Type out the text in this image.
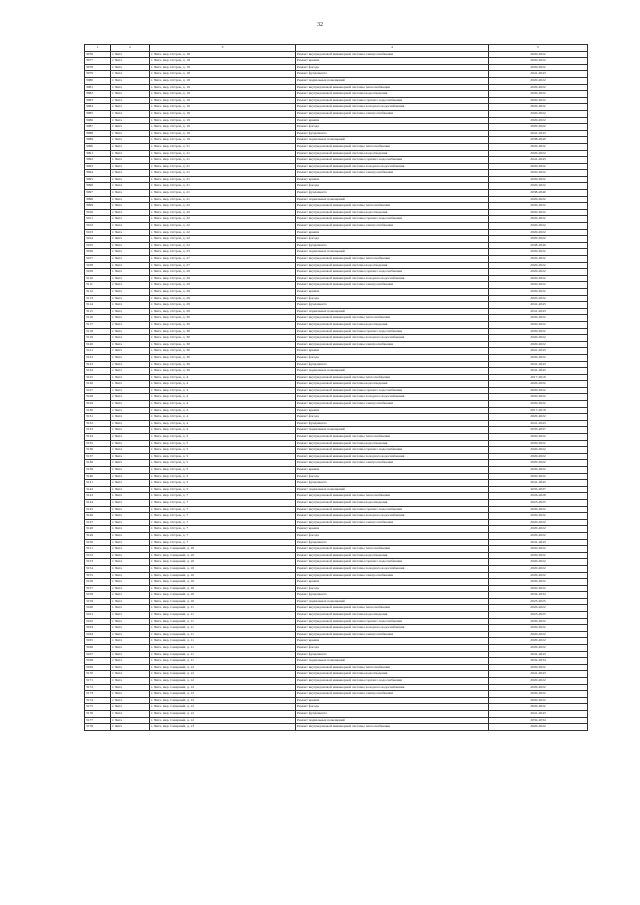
32
1	2	3	4	5
3076	г. Чита	г. Чита, мкр. Остров, д. 18	Ремонт внутридомовой инженерной системы электроснабжения	2020-2022
3077	г. Чита	г. Чита, мкр. Остров, д. 18	Ремонт крыши	2020-2022
3078	г. Чита	г. Чита, мкр. Остров, д. 18	Ремонт фасада	2020-2022
3079	г. Чита	г. Чита, мкр. Остров, д. 18	Ремонт фундамента	2041-2043
3080	г. Чита	г. Чита, мкр. Остров, д. 18	Ремонт подвальных помещений	2020-2022
3081	г. Чита	г. Чита, мкр. Остров, д. 19	Ремонт внутридомовой инженерной системы теплоснабжения	2020-2022
3082	г. Чита	г. Чита, мкр. Остров, д. 19	Ремонт внутридомовой инженерной системы водоотведения	2020-2022
3083	г. Чита	г. Чита, мкр. Остров, д. 19	Ремонт внутридомовой инженерной системы горячего водоснабжения	2020-2022
3084	г. Чита	г. Чита, мкр. Остров, д. 19	Ремонт внутридомовой инженерной системы холодного водоснабжения	2020-2022
3085	г. Чита	г. Чита, мкр. Остров, д. 19	Ремонт внутридомовой инженерной системы электроснабжения	2020-2022
3086	г. Чита	г. Чита, мкр. Остров, д. 19	Ремонт крыши	2020-2022
3087	г. Чита	г. Чита, мкр. Остров, д. 19	Ремонт фасада	2020-2022
3088	г. Чита	г. Чита, мкр. Остров, д. 19	Ремонт фундамента	2041-2043
3089	г. Чита	г. Чита, мкр. Остров, д. 19	Ремонт подвальных помещений	2038-2040
3090	г. Чита	г. Чита, мкр. Остров, д. 21	Ремонт внутридомовой инженерной системы теплоснабжения	2020-2022
3091	г. Чита	г. Чита, мкр. Остров, д. 21	Ремонт внутридомовой инженерной системы водоотведения	2020-2022
3092	г. Чита	г. Чита, мкр. Остров, д. 21	Ремонт внутридомовой инженерной системы горячего водоснабжения	2041-2043
3093	г. Чита	г. Чита, мкр. Остров, д. 21	Ремонт внутридомовой инженерной системы холодного водоснабжения	2020-2022
3094	г. Чита	г. Чита, мкр. Остров, д. 21	Ремонт внутридомовой инженерной системы электроснабжения	2020-2022
3095	г. Чита	г. Чита, мкр. Остров, д. 21	Ремонт крыши	2020-2022
3096	г. Чита	г. Чита, мкр. Остров, д. 21	Ремонт фасада	2020-2022
3097	г. Чита	г. Чита, мкр. Остров, д. 21	Ремонт фундамента	2038-2040
3098	г. Чита	г. Чита, мкр. Остров, д. 21	Ремонт подвальных помещений	2020-2022
3099	г. Чита	г. Чита, мкр. Остров, д. 22	Ремонт внутридомовой инженерной системы теплоснабжения	2020-2022
3100	г. Чита	г. Чита, мкр. Остров, д. 22	Ремонт внутридомовой инженерной системы водоотведения	2020-2022
3101	г. Чита	г. Чита, мкр. Остров, д. 22	Ремонт внутридомовой инженерной системы горячего водоснабжения	2020-2022
3102	г. Чита	г. Чита, мкр. Остров, д. 22	Ремонт внутридомовой инженерной системы электроснабжения	2020-2022
3103	г. Чита	г. Чита, мкр. Остров, д. 22	Ремонт крыши	2020-2022
3104	г. Чита	г. Чита, мкр. Остров, д. 22	Ремонт фасада	2020-2022
3105	г. Чита	г. Чита, мкр. Остров, д. 22	Ремонт фундамента	2038-2040
3106	г. Чита	г. Чита, мкр. Остров, д. 23	Ремонт подвальных помещений	2020-2022
3107	г. Чита	г. Чита, мкр. Остров, д. 27	Ремонт внутридомовой инженерной системы теплоснабжения	2020-2022
3108	г. Чита	г. Чита, мкр. Остров, д. 27	Ремонт внутридомовой инженерной системы водоотведения	2020-2022
3109	г. Чита	г. Чита, мкр. Остров, д. 29	Ремонт внутридомовой инженерной системы горячего водоснабжения	2020-2022
3110	г. Чита	г. Чита, мкр. Остров, д. 29	Ремонт внутридомовой инженерной системы холодного водоснабжения	2020-2022
3111	г. Чита	г. Чита, мкр. Остров, д. 29	Ремонт внутридомовой инженерной системы электроснабжения	2020-2022
3112	г. Чита	г. Чита, мкр. Остров, д. 29	Ремонт крыши	2020-2022
3113	г. Чита	г. Чита, мкр. Остров, д. 29	Ремонт фасада	2020-2022
3114	г. Чита	г. Чита, мкр. Остров, д. 29	Ремонт фундамента	2041-2043
3115	г. Чита	г. Чита, мкр. Остров, д. 29	Ремонт подвальных помещений	2041-2043
3116	г. Чита	г. Чита, мкр. Остров, д. 30	Ремонт внутридомовой инженерной системы теплоснабжения	2020-2022
3117	г. Чита	г. Чита, мкр. Остров, д. 30	Ремонт внутридомовой инженерной системы водоотведения	2020-2022
3118	г. Чита	г. Чита, мкр. Остров, д. 30	Ремонт внутридомовой инженерной системы горячего водоснабжения	2020-2022
3119	г. Чита	г. Чита, мкр. Остров, д. 30	Ремонт внутридомовой инженерной системы холодного водоснабжения	2020-2022
3120	г. Чита	г. Чита, мкр. Остров, д. 30	Ремонт внутридомовой инженерной системы электроснабжения	2020-2022
3121	г. Чита	г. Чита, мкр. Остров, д. 30	Ремонт крыши	2041-2043
3122	г. Чита	г. Чита, мкр. Остров, д. 30	Ремонт фасада	2020-2022
3123	г. Чита	г. Чита, мкр. Остров, д. 30	Ремонт фундамента	2041-2043
3124	г. Чита	г. Чита, мкр. Остров, д. 30	Ремонт подвальных помещений	2041-2043
3125	г. Чита	г. Чита, мкр. Остров, д. 4	Ремонт внутридомовой инженерной системы теплоснабжения	2017-2019
3126	г. Чита	г. Чита, мкр. Остров, д. 4	Ремонт внутридомовой инженерной системы водоотведения	2020-2022
3127	г. Чита	г. Чита, мкр. Остров, д. 4	Ремонт внутридомовой инженерной системы горячего водоснабжения	2020-2022
3128	г. Чита	г. Чита, мкр. Остров, д. 4	Ремонт внутридомовой инженерной системы холодного водоснабжения	2020-2022
3129	г. Чита	г. Чита, мкр. Остров, д. 4	Ремонт внутридомовой инженерной системы электроснабжения	2020-2022
3130	г. Чита	г. Чита, мкр. Остров, д. 4	Ремонт крыши	2017-2019
3131	г. Чита	г. Чита, мкр. Остров, д. 4	Ремонт фасада	2020-2022
3132	г. Чита	г. Чита, мкр. Остров, д. 4	Ремонт фундамента	2041-2043
3133	г. Чита	г. Чита, мкр. Остров, д. 4	Ремонт подвальных помещений	2035-2037
3134	г. Чита	г. Чита, мкр. Остров, д. 5	Ремонт внутридомовой инженерной системы теплоснабжения	2020-2022
3135	г. Чита	г. Чита, мкр. Остров, д. 5	Ремонт внутридомовой инженерной системы водоотведения	2020-2022
3136	г. Чита	г. Чита, мкр. Остров, д. 5	Ремонт внутридомовой инженерной системы горячего водоснабжения	2020-2022
3137	г. Чита	г. Чита, мкр. Остров, д. 5	Ремонт внутридомовой инженерной системы холодного водоснабжения	2020-2022
3138	г. Чита	г. Чита, мкр. Остров, д. 5	Ремонт внутридомовой инженерной системы электроснабжения	2020-2022
3139	г. Чита	г. Чита, мкр. Остров, д. 5	Ремонт крыши	2020-2022
3140	г. Чита	г. Чита, мкр. Остров, д. 5	Ремонт фасада	2020-2022
3141	г. Чита	г. Чита, мкр. Остров, д. 5	Ремонт фундамента	2041-2043
3142	г. Чита	г. Чита, мкр. Остров, д. 5	Ремонт подвальных помещений	2035-2037
3143	г. Чита	г. Чита, мкр. Остров, д. 7	Ремонт внутридомовой инженерной системы теплоснабжения	2026-2028
3144	г. Чита	г. Чита, мкр. Остров, д. 7	Ремонт внутридомовой инженерной системы водоотведения	2023-2025
3145	г. Чита	г. Чита, мкр. Остров, д. 7	Ремонт внутридомовой инженерной системы горячего водоснабжения	2020-2022
3146	г. Чита	г. Чита, мкр. Остров, д. 7	Ремонт внутридомовой инженерной системы холодного водоснабжения	2020-2022
3147	г. Чита	г. Чита, мкр. Остров, д. 7	Ремонт внутридомовой инженерной системы электроснабжения	2020-2022
3148	г. Чита	г. Чита, мкр. Остров, д. 7	Ремонт крыши	2020-2022
3149	г. Чита	г. Чита, мкр. Остров, д. 7	Ремонт фасада	2020-2022
3150	г. Чита	г. Чита, мкр. Остров, д. 7	Ремонт фундамента	2041-2043
3151	г. Чита	г. Чита, мкр. Северный, д. 10	Ремонт внутридомовой инженерной системы теплоснабжения	2020-2022
3152	г. Чита	г. Чита, мкр. Северный, д. 10	Ремонт внутридомовой инженерной системы водоотведения	2020-2022
3153	г. Чита	г. Чита, мкр. Северный, д. 10	Ремонт внутридомовой инженерной системы горячего водоснабжения	2020-2022
3154	г. Чита	г. Чита, мкр. Северный, д. 10	Ремонт внутридомовой инженерной системы холодного водоснабжения	2020-2022
3155	г. Чита	г. Чита, мкр. Северный, д. 10	Ремонт внутридомовой инженерной системы электроснабжения	2020-2022
3156	г. Чита	г. Чита, мкр. Северный, д. 10	Ремонт крыши	2020-2022
3157	г. Чита	г. Чита, мкр. Северный, д. 10	Ремонт фасада	2020-2022
3158	г. Чита	г. Чита, мкр. Северный, д. 10	Ремонт фундамента	2032-2034
3159	г. Чита	г. Чита, мкр. Северный, д. 10	Ремонт подвальных помещений	2023-2025
3160	г. Чита	г. Чита, мкр. Северный, д. 11	Ремонт внутридомовой инженерной системы теплоснабжения	2020-2022
3161	г. Чита	г. Чита, мкр. Северный, д. 11	Ремонт внутридомовой инженерной системы водоотведения	2023-2025
3162	г. Чита	г. Чита, мкр. Северный, д. 11	Ремонт внутридомовой инженерной системы горячего водоснабжения	2020-2022
3163	г. Чита	г. Чита, мкр. Северный, д. 11	Ремонт внутридомовой инженерной системы холодного водоснабжения	2020-2022
3164	г. Чита	г. Чита, мкр. Северный, д. 11	Ремонт внутридомовой инженерной системы электроснабжения	2020-2022
3165	г. Чита	г. Чита, мкр. Северный, д. 11	Ремонт крыши	2020-2022
3166	г. Чита	г. Чита, мкр. Северный, д. 11	Ремонт фасада	2020-2022
3167	г. Чита	г. Чита, мкр. Северный, д. 11	Ремонт фундамента	2041-2043
3168	г. Чита	г. Чита, мкр. Северный, д. 11	Ремонт подвальных помещений	2032-2034
3169	г. Чита	г. Чита, мкр. Северный, д. 12	Ремонт внутридомовой инженерной системы теплоснабжения	2020-2022
3170	г. Чита	г. Чита, мкр. Северный, д. 12	Ремонт внутридомовой инженерной системы водоотведения	2041-2043
3171	г. Чита	г. Чита, мкр. Северный, д. 12	Ремонт внутридомовой инженерной системы горячего водоснабжения	2020-2022
3172	г. Чита	г. Чита, мкр. Северный, д. 12	Ремонт внутридомовой инженерной системы холодного водоснабжения	2020-2022
3173	г. Чита	г. Чита, мкр. Северный, д. 12	Ремонт внутридомовой инженерной системы электроснабжения	2020-2022
3174	г. Чита	г. Чита, мкр. Северный, д. 12	Ремонт крыши	2020-2022
3175	г. Чита	г. Чита, мкр. Северный, д. 12	Ремонт фасада	2020-2022
3176	г. Чита	г. Чита, мкр. Северный, д. 12	Ремонт фундамента	2041-2043
3177	г. Чита	г. Чита, мкр. Северный, д. 12	Ремонт подвальных помещений	2032-2034
3178	г. Чита	г. Чита, мкр. Северный, д. 13	Ремонт внутридомовой инженерной системы теплоснабжения	2020-2022
